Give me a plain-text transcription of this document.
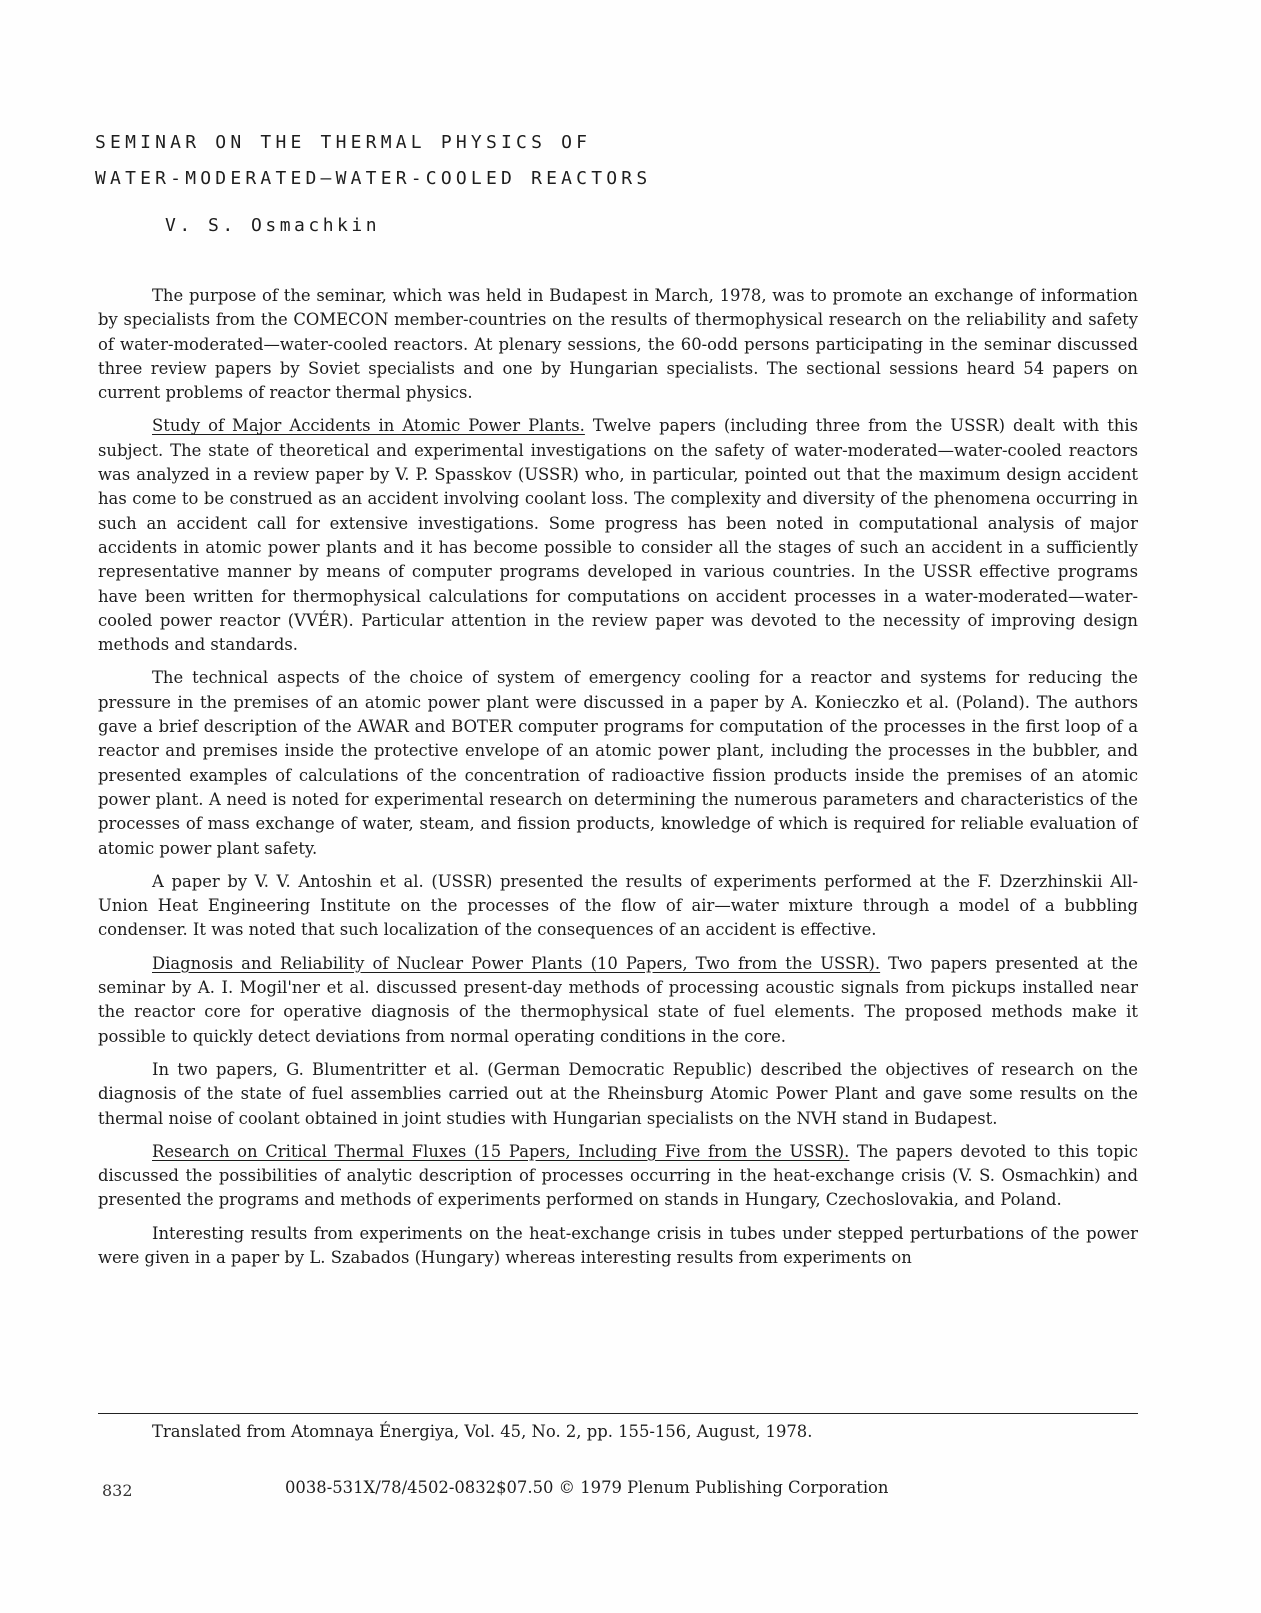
SEMINAR ON THE THERMAL PHYSICS OF
WATER-MODERATED—WATER-COOLED REACTORS
V. S. Osmachkin

The purpose of the seminar, which was held in Budapest in March, 1978, was to promote an exchange of information by specialists from the COMECON member-countries on the results of thermophysical research on the reliability and safety of water-moderated—water-cooled reactors. At plenary sessions, the 60-odd persons participating in the seminar discussed three review papers by Soviet specialists and one by Hungarian specialists. The sectional sessions heard 54 papers on current problems of reactor thermal physics.

Study of Major Accidents in Atomic Power Plants. Twelve papers (including three from the USSR) dealt with this subject. The state of theoretical and experimental investigations on the safety of water-moderated—water-cooled reactors was analyzed in a review paper by V. P. Spasskov (USSR) who, in particular, pointed out that the maximum design accident has come to be construed as an accident involving coolant loss. The complexity and diversity of the phenomena occurring in such an accident call for extensive investigations. Some progress has been noted in computational analysis of major accidents in atomic power plants and it has become possible to consider all the stages of such an accident in a sufficiently representative manner by means of computer programs developed in various countries. In the USSR effective programs have been written for thermophysical calculations for computations on accident processes in a water-moderated—water-cooled power reactor (VVÉR). Particular attention in the review paper was devoted to the necessity of improving design methods and standards.

The technical aspects of the choice of system of emergency cooling for a reactor and systems for reducing the pressure in the premises of an atomic power plant were discussed in a paper by A. Konieczko et al. (Poland). The authors gave a brief description of the AWAR and BOTER computer programs for computation of the processes in the first loop of a reactor and premises inside the protective envelope of an atomic power plant, including the processes in the bubbler, and presented examples of calculations of the concentration of radioactive fission products inside the premises of an atomic power plant. A need is noted for experimental research on determining the numerous parameters and characteristics of the processes of mass exchange of water, steam, and fission products, knowledge of which is required for reliable evaluation of atomic power plant safety.

A paper by V. V. Antoshin et al. (USSR) presented the results of experiments performed at the F. Dzerzhinskii All-Union Heat Engineering Institute on the processes of the flow of air—water mixture through a model of a bubbling condenser. It was noted that such localization of the consequences of an accident is effective.

Diagnosis and Reliability of Nuclear Power Plants (10 Papers, Two from the USSR). Two papers presented at the seminar by A. I. Mogil'ner et al. discussed present-day methods of processing acoustic signals from pickups installed near the reactor core for operative diagnosis of the thermophysical state of fuel elements. The proposed methods make it possible to quickly detect deviations from normal operating conditions in the core.

In two papers, G. Blumentritter et al. (German Democratic Republic) described the objectives of research on the diagnosis of the state of fuel assemblies carried out at the Rheinsburg Atomic Power Plant and gave some results on the thermal noise of coolant obtained in joint studies with Hungarian specialists on the NVH stand in Budapest.

Research on Critical Thermal Fluxes (15 Papers, Including Five from the USSR). The papers devoted to this topic discussed the possibilities of analytic description of processes occurring in the heat-exchange crisis (V. S. Osmachkin) and presented the programs and methods of experiments performed on stands in Hungary, Czechoslovakia, and Poland.

Interesting results from experiments on the heat-exchange crisis in tubes under stepped perturbations of the power were given in a paper by L. Szabados (Hungary) whereas interesting results from experiments on

Translated from Atomnaya Énergiya, Vol. 45, No. 2, pp. 155-156, August, 1978.
832	0038-531X/78/4502-0832$07.50 © 1979 Plenum Publishing Corporation
